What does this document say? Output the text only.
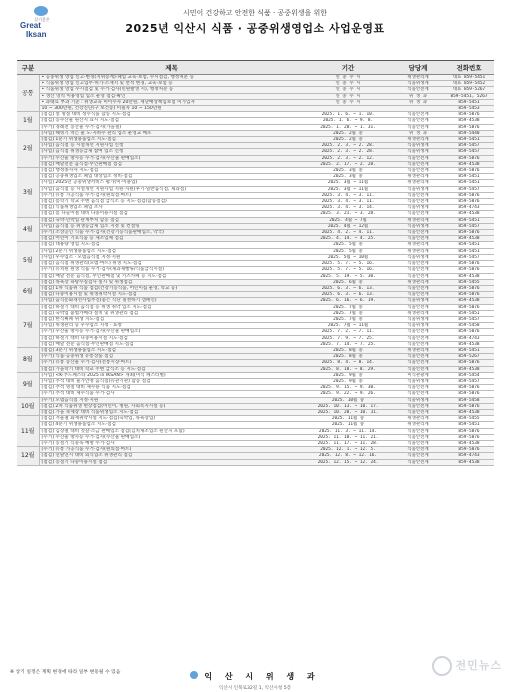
살기좋은
Great
Iksan
시민이 건강하고 안전한 식품 · 공중위생을 위한
2025년 익산시 식품 · 공중위생영업소 사업운영표
구분	제목	기간	담당계	전화번호
공통	• 공중위생 영업 신고·변경(지위승계)·폐업 교육·보험, 수시점검, 행정처분 등	연 중 수 시	위생관리계	대표 859-5451
	• 식품위생 영업 신고업무·허가·소재지 및 면적 변경, 교육·보험 등	연 중 수 시	식품위생계	대표 859-5452
	• 식품위생 영업 수시점검 및 수거·검사(민원발생 시), 행정처분 등	연 중 수 시	식품안전계	대표 859-5267
	• 생산 영역 이용영업 업소 운영 점검·확인	연 중 수 시	위 생 과	859-5451, 5267
	• 과태료 부과 기준 : 위생교육 미이수자 20만원, 재난배상책임보험 미가입자	연 중 수 시	위 생 과	859-5451
	10 ~ 300만원, 건강진단(구 보건증) 미필자 10 ~ 150만원			859-5453
1월	[점검] 설 명절 대비 성수식품 합동 지도·점검	2025. 1. 6. ~ 1. 10.	식품안전계	859-5876
	[점검] 농수산물 원산지 표시 지도·점검	2025. 1. 6. ~ 9. 8.	식품안전계	859-4538
	[수거] 경례전 농산물 수거·검사(가을철)	2025. 1. 20. ~ 1. 31.	식품안전계	859-5876
2월	[사업] 해빙기 먹는 물 노·지하수 관리 업소 운영교 배포	2025. 2월 중	위 생 과	859-5440
	[점검] 1분기 위생용품업소 지도·점검	2025. 2월 중	위생관리계	859-5451
	[사업] 음식점 등 시설개선 지원사업 신청	2025. 2. 3. ~ 2. 28.	식품위생계	859-5457
	[사업] 음식점 위생등급제 참여 업소 신청	2025. 2. 3. ~ 2. 28.	식품위생계	859-5457
	[수거] 수산물 방사능 수거·검사(수산물 판매업소)	2025. 2. 3. ~ 2. 12.	식품안전계	859-5876
	[점검] 배달전문 음식점·무인판매점 점검	2025. 2. 17. ~ 2. 28.	식품안전계	859-4538
3월	[점검] 행정종사자 지도·점검	2025. 3월 중	식품안전계	859-5876
	[점검] 공중위생업소 폐업 대상업소 정비·점검	2025. 3월 중	위생관리계	859-5451
	[사업] 2025년 공중위생서비스 평가(미·이용업)	2025. 3월 ~ 11월	위생관리계	859-5451
	[사업] 음식점 등 시설개선 지원사업 지원·지원(후기·일반음식점, 제과점)	2025. 3월 ~ 11월	식품위생계	859-5457
	[수거] 유통 가공식품 수거·검사(편의점·마트)	2025. 3. 4. ~ 3. 11.	식품안전계	859-5876
	[점검] 봄학기 학교 주변 음식점 급식소 등 지도·점검(합동점검)	2025. 3. 4. ~ 3. 11.	식품안전계	859-5876
	[점검] 식품위생업소 폐업 조사	2025. 3. 4. ~ 3. 14.	식품위생계	859-4743
	[점검] 봄 나들이철 대비 다중이용시설 점검	2025. 3. 21. ~ 3. 28.	식품안전계	859-4538
4월	[점검] 숙박·민박업 관계부처 합동 점검	2025. 4월 ~ 7월	위생관리계	859-5451
	[사업] 음식점 등 위생등급제 업소 지정 및 컨설팅	2025. 4월 ~ 12월	식품위생계	859-5457
	[수거] 소상공인 식품 수거·검사(건강기능식품판매업소, 약국)	2025. 4. 2. ~ 4. 11.	식품안전계	859-5876
	[점검] 어린이 기호식품 등 제조업체 점검	2025. 4. 14. ~ 4. 25.	식품안전계	859-4538
5월	[점검] 대용량 영업 지도·점검	2025. 5월 중	위생관리계	859-5451
	[사업] 2분기 위생용품업소 지도·점검	2025. 5월 중	위생관리계	859-5451
	[사업] 우수업소 · 모범음식점 지정·지원	2025. 5월 ~ 10월	식품위생계	859-5457
	[점검] 음식점 위생관리(모범·마트) 위생 지도·점검	2025. 5. 7. ~ 5. 16.	식품안전계	859-5876
	[수거] 유치원 원생 식품 수거·검사(제과제빵류/식품급식시설)	2025. 5. 7. ~ 5. 16.	식품안전계	859-5876
	[점검] 배달 전문 음식점, 무인판매점 및 키즈카페 등 지도·점검	2025. 5. 19. ~ 5. 30.	식품안전계	859-4538
6월	[점검] 목욕장 욕탕수질검사 실시 및 위생점검	2025. 6월 중	위생관리계	859-5455
	[점검] 1차 식품위 식품 점검(건강기능식품, 어린이집 운영, 학교 등)	2025. 6. 3. ~ 6. 13.	식품안전계	859-5876
	[점검] 다중이용시설 및 위생취약시설 지도·점검	2025. 6. 3. ~ 6. 13.	식품안전계	859-5876
	[사업] 음식문화개선사업추진(좋은 식단 실천하기 캠페인)	2025. 6. 16. ~ 6. 19.	식품위생계	859-4538
7월	[점검] 하절기 대비 음식점 등 위생 취약 업소 지도·점검	2025. 7월 중	식품안전계	859-5876
	[점검] 숙박업 불법카메라 설치 및 위생관리 점검	2025. 7월 중	위생관리계	859-5451
	[점검] 한식뷔페 위생 지도·점검	2025. 7월 중	식품위생계	859-5457
	[사업] 위생관리 등 우수업소 지정 · 표창	2025. 7월 ~ 11월	식품위생계	859-5458
	[수거] 수산물 방사능 수거·검사(수산물 판매업소)	2025. 7. 2. ~ 7. 11.	식품안전계	859-5876
	[점검] 하절기 대비 다중이용시설 지도·점검	2025. 7. 9. ~ 7. 25.	식품안전계	859-4743
	[점검] 배달 전문 음식점·무인판매점 지도·점검	2025. 7. 14. ~ 7. 25.	식품안전계	859-4538
8월	[점검] 3분기 위생용품업소 지도·점검	2025. 8월 중	위생관리계	859-5451
	[수거] 식품·공중위생 유통상품 점검	2025. 8월 중	식품안전계	859-5267
	[수거] 유통 농산물 수거·검사(전통시장·마트)	2025. 8. 4. ~ 8. 14.	식품안전계	859-5876
	[점검] 가을학기 대비 학교 주변 급식소 등 지도·점검	2025. 8. 18. ~ 8. 29.	식품안전계	859-4538
9월	[사업] <K-푸드페스타 2025 in IKSAN> 개최(미식 페스티벌)	2025. 9월 중	미식관광계	859-5454
	[사업] 추석 대비 물가안정 음식점(유관기관) 합동 점검	2025. 9월 중	식품위생계	859-5457
	[점검] 추석 명절 대비 제수용 식품 지도·점검	2025. 9. 15. ~ 9. 30.	식품안전계	859-5876
	[수거] 추석 대비 제수식품 수거·검사	2025. 9. 22. ~ 9. 26.	식품안전계	859-5876
10월	[수거] 모범음식점 지정·지원	2025. 10월 중	식품위생계	859-5458
	[점검] 2차 식품위생 현장점검(어린이, 병원, 사회복지시설 등)	2025. 10. 13. ~ 10. 17.	식품안전계	859-5876
	[점검] 가을 축제장 대비 식품위생업소 지도·점검	2025. 10. 20. ~ 10. 31.	식품안전계	859-4538
11월	[점검] 겨울철 화재취약시설 지도·점검(숙박업, 목욕장업)	2025. 11월 중	위생관리계	859-5455
	[점검] 4분기 위생용품업소 지도·점검	2025. 11월 중	위생관리계	859-5451
	[점검] 김장철 대비 젓갈·소금 판매업소 점검(김치제조업소 원산지 포함)	2025. 11. 3. ~ 11. 14.	식품안전계	859-5876
	[수거] 수산물 방사능 수거·검사(수산물 판매업소)	2025. 11. 10. ~ 11. 21.	식품안전계	859-5876
	[수거] 동절기 식중독 예방 수거·검사	2025. 11. 17. ~ 11. 28.	식품안전계	859-4538
12월	[수거] 유통 가공식품 수거·검사(편의점·마트)	2025. 12. 1. ~ 12. 5.	식품안전계	859-5876
	[점검] 연말연시 대비 외식업소 위생관리 점검	2025. 12. 8. ~ 12. 16.	식품안전계	859-4743
	[점검] 동절기 다중이용시설 점검	2025. 12. 15. ~ 12. 24.	식품안전계	859-4538
익 산 시 위 생 과
익산시 인북로32길 1, 익산시청 5층
※ 상기 일정은 계획 변경에 따라 일부 변동될 수 있음
전민뉴스
